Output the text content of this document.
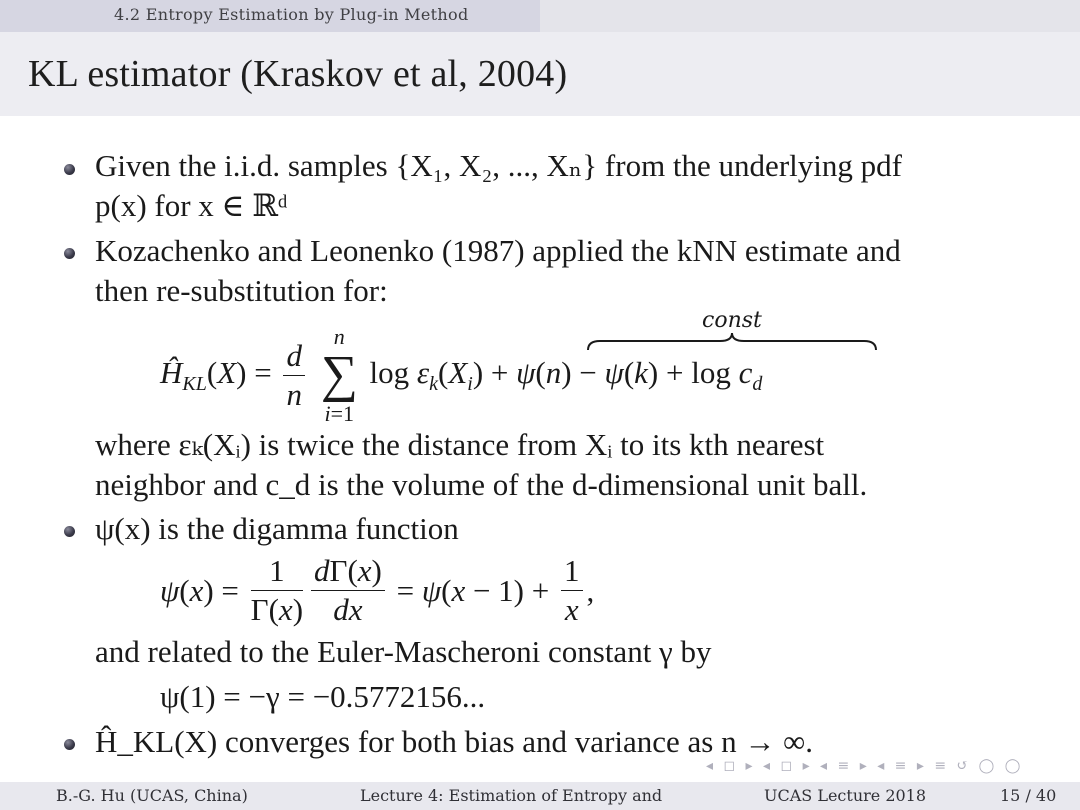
4.2 Entropy Estimation by Plug-in Method
KL estimator (Kraskov et al, 2004)
Given the i.i.d. samples {X₁, X₂, ..., Xₙ} from the underlying pdf
p(x) for x ∈ ℝᵈ
Kozachenko and Leonenko (1987) applied the kNN estimate and
then re-substitution for:
const
$Ĥ_{KL}(X) = \frac{d}{n}$

n
∑
i=1
$\log \varepsilon_k(X_i) + \psi(n) - \psi(k) + \log c_d$
where εₖ(Xᵢ) is twice the distance from Xᵢ to its kth nearest
neighbor and c_d is the volume of the d-dimensional unit ball.
ψ(x) is the digamma function
$\psi(x) = \frac{1}{\Gamma(x)} \frac{d\Gamma(x)}{dx} = \psi(x - 1) + \frac{1}{x}$ ,
and related to the Euler-Mascheroni constant γ by
ψ(1) = −γ = −0.5772156...
Ĥ_KL(X) converges for both bias and variance as n → ∞.
◂ ◻ ▸ ◂ ◻ ▸ ◂ ≡ ▸ ◂ ≡ ▸ ≡ ↺ ◯ ◯
B.-G. Hu (UCAS, China)	Lecture 4: Estimation of Entropy and	UCAS Lecture 2018	15 / 40
